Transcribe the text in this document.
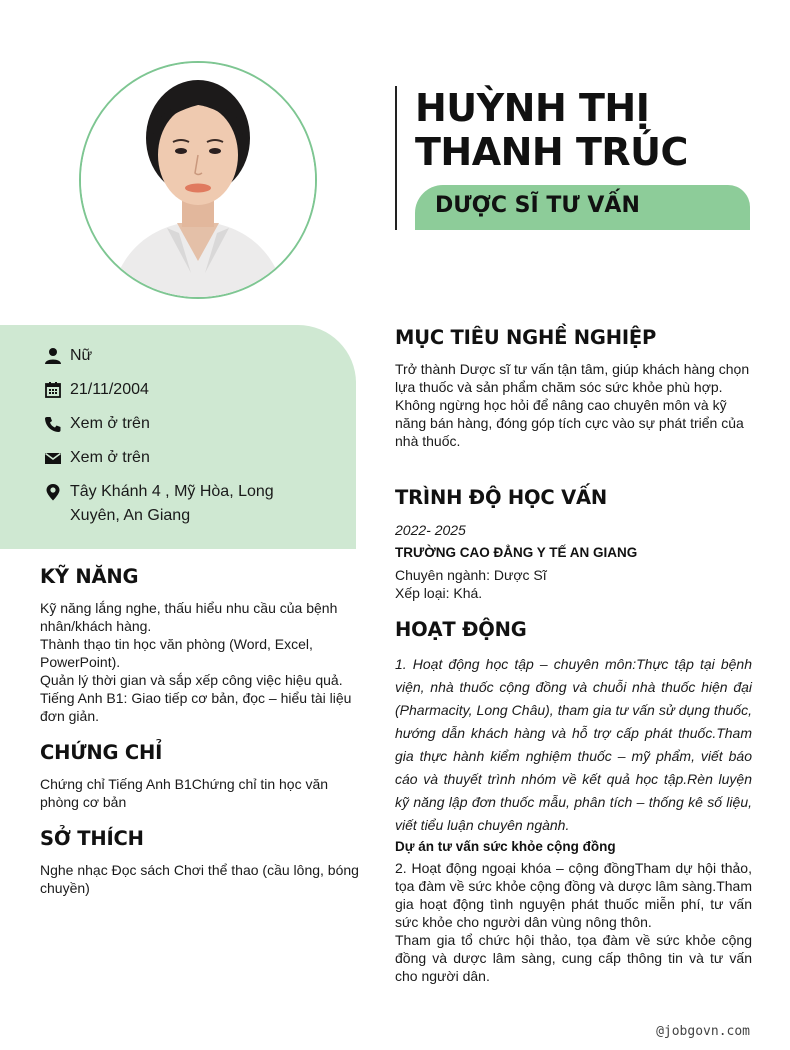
HUỲNH THỊ
THANH TRÚC
DƯỢC SĨ TƯ VẤN
Nữ
21/11/2004
Xem ở trên
Xem ở trên
Tây Khánh 4 , Mỹ Hòa, Long Xuyên, An Giang
KỸ NĂNG

Kỹ năng lắng nghe, thấu hiểu nhu cầu của bệnh nhân/khách hàng.

Thành thạo tin học văn phòng (Word, Excel, PowerPoint).

Quản lý thời gian và sắp xếp công việc hiệu quả.

Tiếng Anh B1: Giao tiếp cơ bản, đọc – hiểu tài liệu đơn giản.

CHỨNG CHỈ
Chứng chỉ Tiếng Anh B1Chứng chỉ tin học văn phòng cơ bản
SỞ THÍCH
Nghe nhạc Đọc sách Chơi thể thao (cầu lông, bóng chuyền)
MỤC TIÊU NGHỀ NGHIỆP
Trở thành Dược sĩ tư vấn tận tâm, giúp khách hàng chọn lựa thuốc và sản phẩm chăm sóc sức khỏe phù hợp. Không ngừng học hỏi để nâng cao chuyên môn và kỹ năng bán hàng, đóng góp tích cực vào sự phát triển của nhà thuốc.
TRÌNH ĐỘ HỌC VẤN
2022- 2025
TRƯỜNG CAO ĐẲNG Y TẾ AN GIANG

Chuyên ngành: Dược Sĩ

Xếp loại: Khá.

HOẠT ĐỘNG
1. Hoạt động học tập – chuyên môn:Thực tập tại bệnh viện, nhà thuốc cộng đồng và chuỗi nhà thuốc hiện đại (Pharmacity, Long Châu), tham gia tư vấn sử dụng thuốc, hướng dẫn khách hàng và hỗ trợ cấp phát thuốc.Tham gia thực hành kiểm nghiệm thuốc – mỹ phẩm, viết báo cáo và thuyết trình nhóm về kết quả học tập.Rèn luyện kỹ năng lập đơn thuốc mẫu, phân tích – thống kê số liệu, viết tiểu luận chuyên ngành.
Dự án tư vấn sức khỏe cộng đồng

2. Hoạt động ngoại khóa – cộng đồngTham dự hội thảo, tọa đàm về sức khỏe cộng đồng và dược lâm sàng.Tham gia hoạt động tình nguyện phát thuốc miễn phí, tư vấn sức khỏe cho người dân vùng nông thôn.

Tham gia tổ chức hội thảo, tọa đàm về sức khỏe cộng đồng và dược lâm sàng, cung cấp thông tin và tư vấn cho người dân.

@jobgovn.com
